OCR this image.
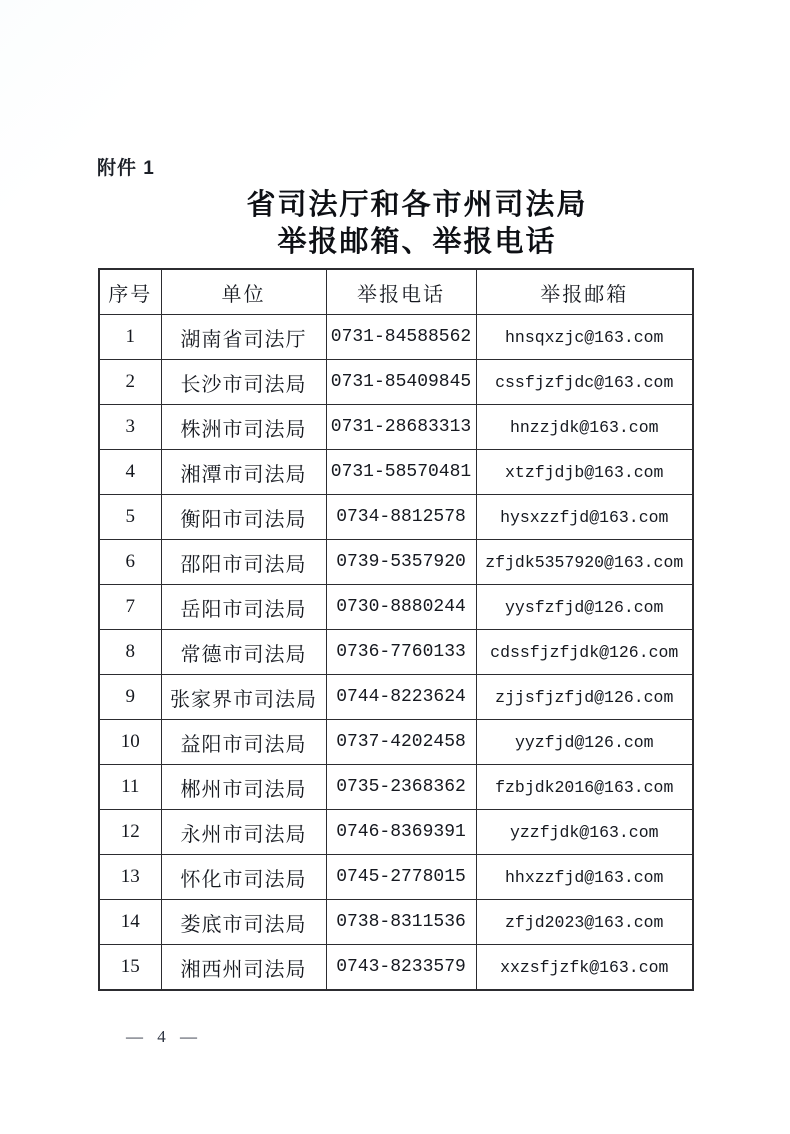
附件 1
省司法厅和各市州司法局
举报邮箱、举报电话
序号	单位	举报电话	举报邮箱
1	湖南省司法厅	0731-84588562	hnsqxzjc@163.com
2	长沙市司法局	0731-85409845	cssfjzfjdc@163.com
3	株洲市司法局	0731-28683313	hnzzjdk@163.com
4	湘潭市司法局	0731-58570481	xtzfjdjb@163.com
5	衡阳市司法局	0734-8812578	hysxzzfjd@163.com
6	邵阳市司法局	0739-5357920	zfjdk5357920@163.com
7	岳阳市司法局	0730-8880244	yysfzfjd@126.com
8	常德市司法局	0736-7760133	cdssfjzfjdk@126.com
9	张家界市司法局	0744-8223624	zjjsfjzfjd@126.com
10	益阳市司法局	0737-4202458	yyzfjd@126.com
11	郴州市司法局	0735-2368362	fzbjdk2016@163.com
12	永州市司法局	0746-8369391	yzzfjdk@163.com
13	怀化市司法局	0745-2778015	hhxzzfjd@163.com
14	娄底市司法局	0738-8311536	zfjd2023@163.com
15	湘西州司法局	0743-8233579	xxzsfjzfk@163.com
— 4 —
